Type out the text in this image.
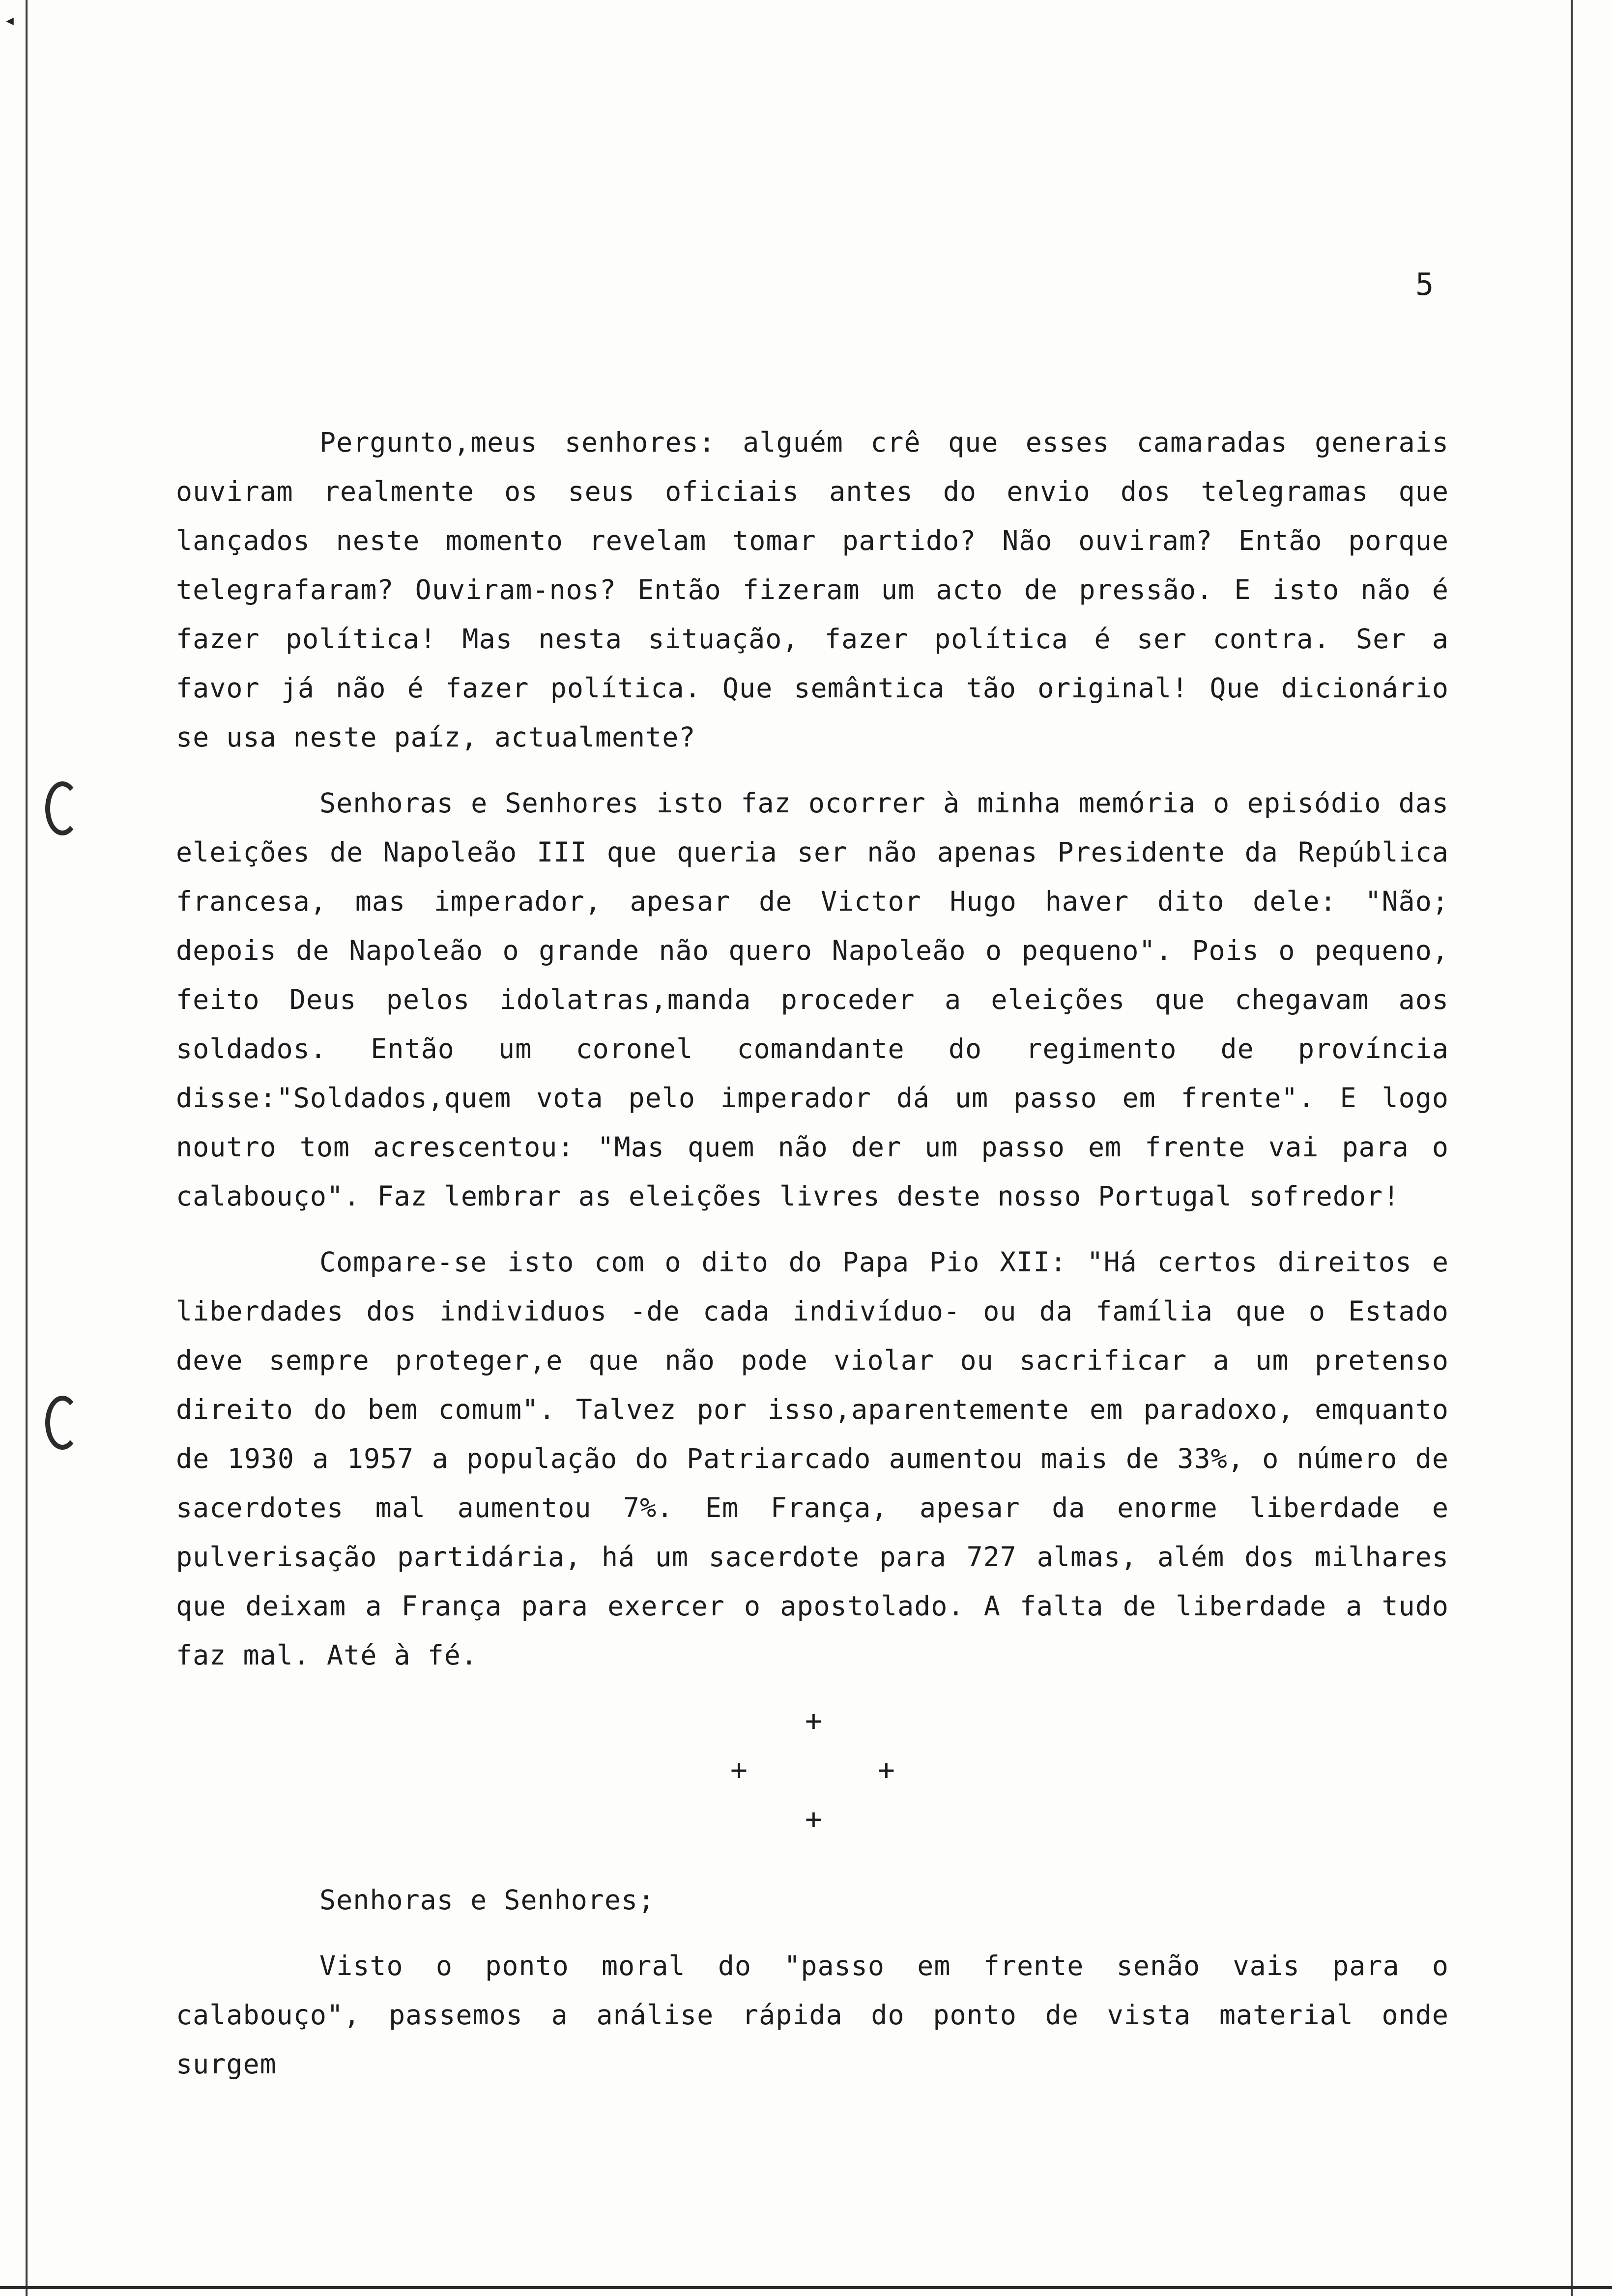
◂
5

Pergunto,meus senhores: alguém crê que esses camaradas generais ouviram realmente os seus oficiais antes do envio dos telegramas que lançados neste momento revelam tomar partido? Não ouviram? Então porque telegrafaram? Ouviram-nos? Então fizeram um acto de pressão. E isto não é fazer política! Mas nesta situação, fazer política é ser contra. Ser a favor já não é fazer política. Que semântica tão original! Que dicionário se usa neste paíz, actualmente?

Senhoras e Senhores isto faz ocorrer à minha memória o episódio das eleições de Napoleão III que queria ser não apenas Presidente da República francesa, mas imperador, apesar de Victor Hugo haver dito dele: "Não; depois de Napoleão o grande não quero Napoleão o pequeno". Pois o pequeno, feito Deus pelos idolatras,manda proceder a eleições que chegavam aos soldados. Então um coronel comandante do regimento de província disse:"Soldados,quem vota pelo imperador dá um passo em frente". E logo noutro tom acrescentou: "Mas quem não der um passo em frente vai para o calabouço". Faz lembrar as eleições livres deste nosso Portugal sofredor!

Compare-se isto com o dito do Papa Pio XII: "Há certos direitos e liberdades dos individuos -de cada indivíduo- ou da família que o Estado deve sempre proteger,e que não pode violar ou sacrificar a um pretenso direito do bem comum". Talvez por isso,aparentemente em paradoxo, emquanto de 1930 a 1957 a população do Patriarcado aumentou mais de 33%, o número de sacerdotes mal aumentou 7%. Em França, apesar da enorme liberdade e pulverisação partidária, há um sacerdote para 727 almas, além dos milhares que deixam a França para exercer o apostolado. A falta de liberdade a tudo faz mal. Até à fé.

+
+	+
+
Senhoras e Senhores;

Visto o ponto moral do "passo em frente senão vais para o calabouço", passemos a análise rápida do ponto de vista material onde surgem
